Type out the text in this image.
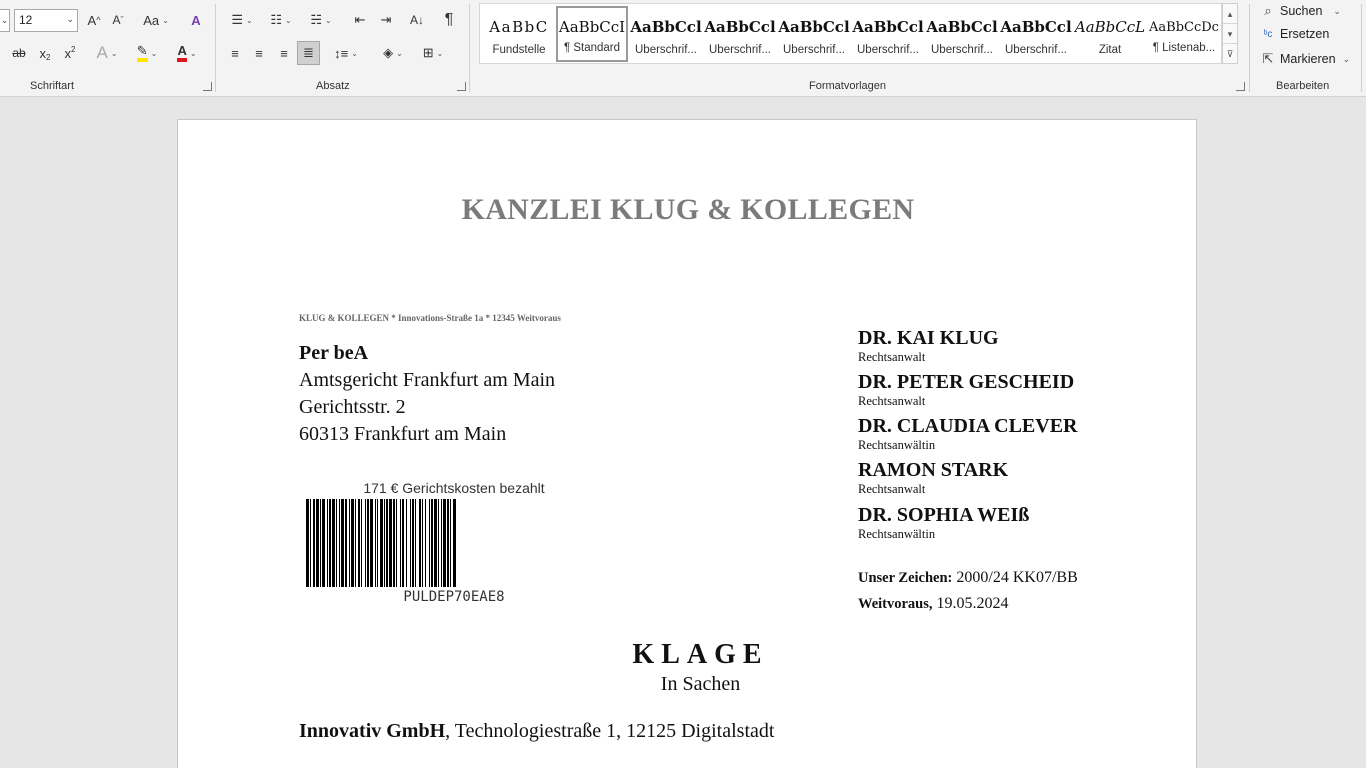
⌄ 12	⌄ A ^	A ˇ	Aa ⌄ A
ab	x 2	x 2	A ⌄ ✎ ⌄ A ⌄
Schriftart
☰ ⌄ ☷ ⌄ ☵ ⌄ ⇤ ⇥ A↓ ¶
≡ ≡ ≡ ≣ ↕≡ ⌄ ◈ ⌄ ⊞ ⌄
Absatz
AaBbC
Fundstelle
AaBbCcI
¶ Standard
AaBbCcl
Überschrif...
AaBbCcl
Überschrif...
AaBbCcl
Überschrif...
AaBbCcl
Überschrif...
AaBbCcl
Überschrif...
AaBbCcl
Überschrif...
AaBbCcL
Zitat
AaBbCcDc
¶ Listenab...
▴
▾
⊽
Formatvorlagen
⌕ Suchen ⌄
ᵇc Ersetzen
⇱ Markieren ⌄
Bearbeiten
KANZLEI KLUG & KOLLEGEN
KLUG & KOLLEGEN * Innovations-Straße 1a * 12345 Weitvoraus
Per beA
Amtsgericht Frankfurt am Main
Gerichtsstr. 2
60313 Frankfurt am Main
171 € Gerichtskosten bezahlt
PULDEP70EAE8
DR. KAI KLUG
Rechtsanwalt
DR. PETER GESCHEID
Rechtsanwalt
DR. CLAUDIA CLEVER
Rechtsanwältin
RAMON STARK
Rechtsanwalt
DR. SOPHIA WEIß
Rechtsanwältin
Unser Zeichen: 2000/24 KK07/BB
Weitvoraus, 19.05.2024
KLAGE
In Sachen
Innovativ GmbH, Technologiestraße 1, 12125 Digitalstadt
